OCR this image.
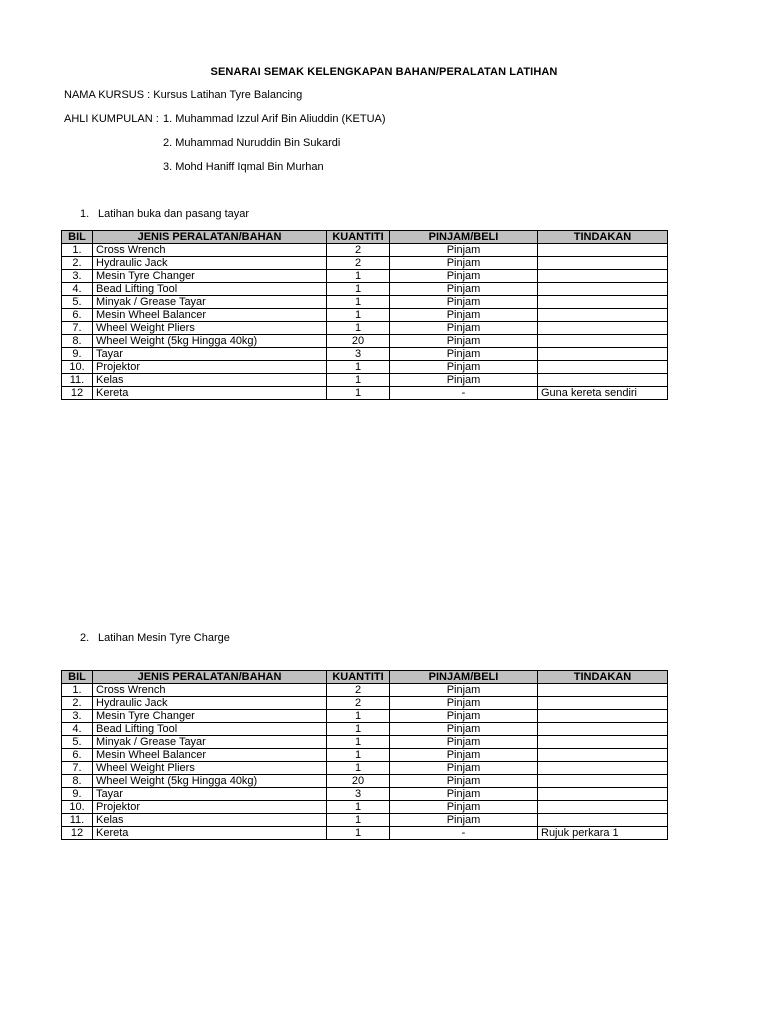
SENARAI SEMAK KELENGKAPAN BAHAN/PERALATAN LATIHAN
NAMA KURSUS : Kursus Latihan Tyre Balancing
AHLI KUMPULAN : 1. Muhammad Izzul Arif Bin Aliuddin (KETUA)
2. Muhammad Nuruddin Bin Sukardi
3. Mohd Haniff Iqmal Bin Murhan
1. Latihan buka dan pasang tayar
BIL	JENIS PERALATAN/BAHAN	KUANTITI	PINJAM/BELI	TINDAKAN
1.	Cross Wrench	2	Pinjam	
2.	Hydraulic Jack	2	Pinjam	
3.	Mesin Tyre Changer	1	Pinjam	
4.	Bead Lifting Tool	1	Pinjam	
5.	Minyak / Grease Tayar	1	Pinjam	
6.	Mesin Wheel Balancer	1	Pinjam	
7.	Wheel Weight Pliers	1	Pinjam	
8.	Wheel Weight (5kg Hingga 40kg)	20	Pinjam	
9.	Tayar	3	Pinjam	
10.	Projektor	1	Pinjam	
11.	Kelas	1	Pinjam	
12	Kereta	1	-	Guna kereta sendiri
2. Latihan Mesin Tyre Charge
BIL	JENIS PERALATAN/BAHAN	KUANTITI	PINJAM/BELI	TINDAKAN
1.	Cross Wrench	2	Pinjam	
2.	Hydraulic Jack	2	Pinjam	
3.	Mesin Tyre Changer	1	Pinjam	
4.	Bead Lifting Tool	1	Pinjam	
5.	Minyak / Grease Tayar	1	Pinjam	
6.	Mesin Wheel Balancer	1	Pinjam	
7.	Wheel Weight Pliers	1	Pinjam	
8.	Wheel Weight (5kg Hingga 40kg)	20	Pinjam	
9.	Tayar	3	Pinjam	
10.	Projektor	1	Pinjam	
11.	Kelas	1	Pinjam	
12	Kereta	1	-	Rujuk perkara 1
